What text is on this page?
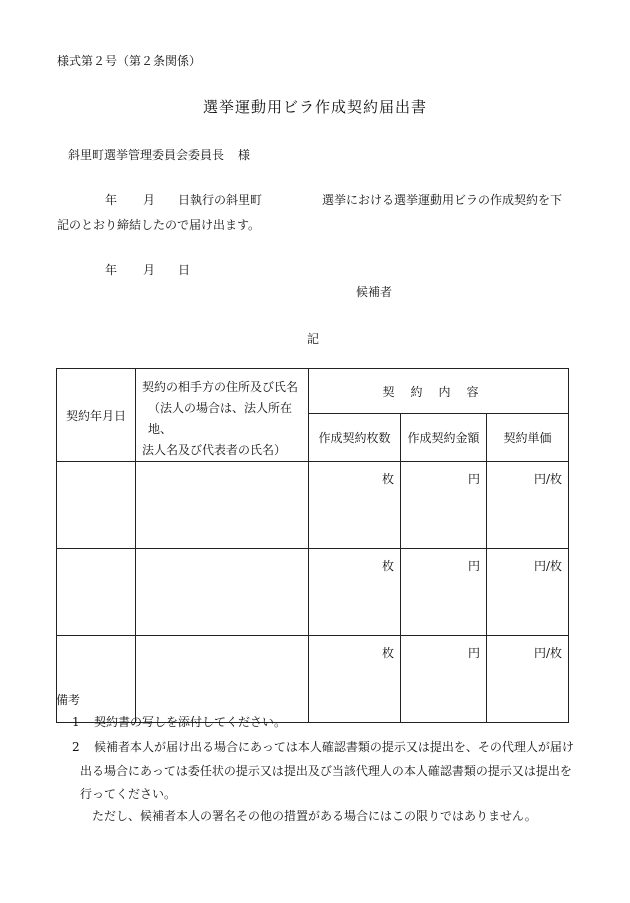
様式第２号（第２条関係）
選挙運動用ビラ作成契約届出書
斜里町選挙管理委員会委員長 様
年 月 日執行の斜里町	選挙における選挙運動用ビラの作成契約を下
記のとおり締結したので届け出ます。
年 月 日
候補者
記
契約年月日	契約の相手方の住所及び氏名
（法人の場合は、法人所在地、
法人名及び代表者の氏名）	契約内容		
		作成契約枚数	作成契約金額	契約単価
		枚	円	円/枚
		枚	円	円/枚
		枚	円	円/枚
備考
1 契約書の写しを添付してください。
2 候補者本人が届け出る場合にあっては本人確認書類の提示又は提出を、その代理人が届け
出る場合にあっては委任状の提示又は提出及び当該代理人の本人確認書類の提示又は提出を
行ってください。
ただし、候補者本人の署名その他の措置がある場合にはこの限りではありません。
